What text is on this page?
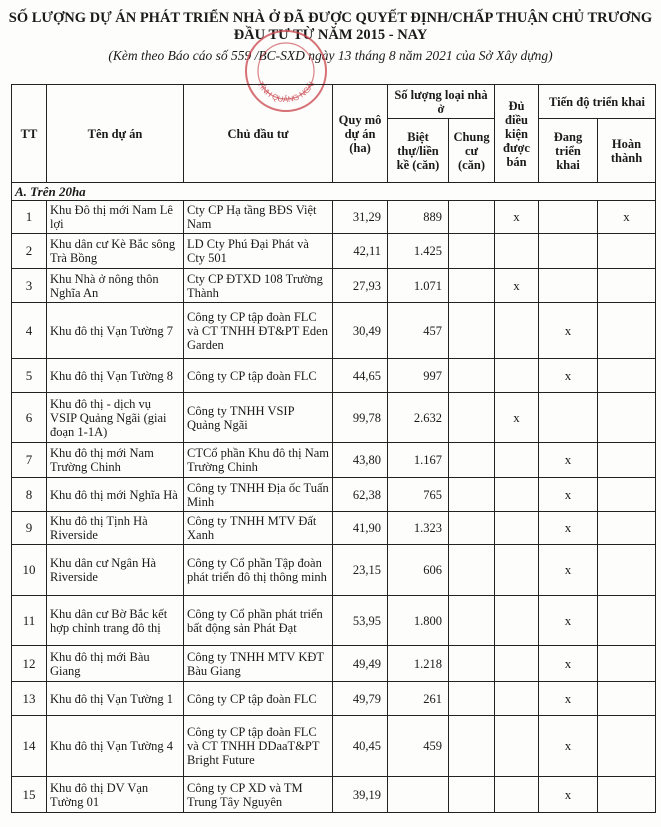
SỐ LƯỢNG DỰ ÁN PHÁT TRIỂN NHÀ Ở ĐÃ ĐƯỢC QUYẾT ĐỊNH/CHẤP THUẬN CHỦ TRƯƠNG
ĐẦU TƯ TỪ NĂM 2015 - NAY
(Kèm theo Báo cáo số 559 /BC-SXD ngày 13 tháng 8 năm 2021 của Sở Xây dựng)
TỈNH QUẢNG NGÃI
TT	Tên dự án	Chủ đầu tư	Quy mô dự án (ha)	Số lượng loại nhà ở		Đủ điều kiện được bán	Tiến độ triển khai	
				Biệt thự/liền kề (căn)	Chung cư (căn)		Đang triển khai	Hoàn thành
A. Trên 20ha								
1	Khu Đô thị mới Nam Lê lợi	Cty CP Hạ tầng BĐS Việt Nam	31,29	889		x		x
2	Khu dân cư Kè Bắc sông Trà Bồng	LD Cty Phú Đại Phát và Cty 501	42,11	1.425				
3	Khu Nhà ở nông thôn Nghĩa An	Cty CP ĐTXD 108 Trường Thành	27,93	1.071		x		
4	Khu đô thị Vạn Tường 7	Công ty CP tập đoàn FLC và CT TNHH ĐT&PT Eden Garden	30,49	457			x	
5	Khu đô thị Vạn Tường 8	Công ty CP tập đoàn FLC	44,65	997			x	
6	Khu đô thị - dịch vụ VSIP Quảng Ngãi (giai đoạn 1-1A)	Công ty TNHH VSIP Quảng Ngãi	99,78	2.632		x		
7	Khu đô thị mới Nam Trường Chinh	CTCổ phần Khu đô thị Nam Trường Chinh	43,80	1.167			x	
8	Khu đô thị mới Nghĩa Hà	Công ty TNHH Địa ốc Tuấn Minh	62,38	765			x	
9	Khu đô thị Tịnh Hà Riverside	Công ty TNHH MTV Đất Xanh	41,90	1.323			x	
10	Khu dân cư Ngân Hà Riverside	Công ty Cổ phần Tập đoàn phát triển đô thị thông minh	23,15	606			x	
11	Khu dân cư Bờ Bắc kết hợp chỉnh trang đô thị	Công ty Cổ phần phát triển bất động sản Phát Đạt	53,95	1.800			x	
12	Khu đô thị mới Bàu Giang	Công ty TNHH MTV KĐT Bàu Giang	49,49	1.218			x	
13	Khu đô thị Vạn Tường 1	Công ty CP tập đoàn FLC	49,79	261			x	
14	Khu đô thị Vạn Tường 4	Công ty CP tập đoàn FLC và CT TNHH DDaaT&PT Bright Future	40,45	459			x	
15	Khu đô thị DV Vạn Tường 01	Công ty CP XD và TM Trung Tây Nguyên	39,19				x	
